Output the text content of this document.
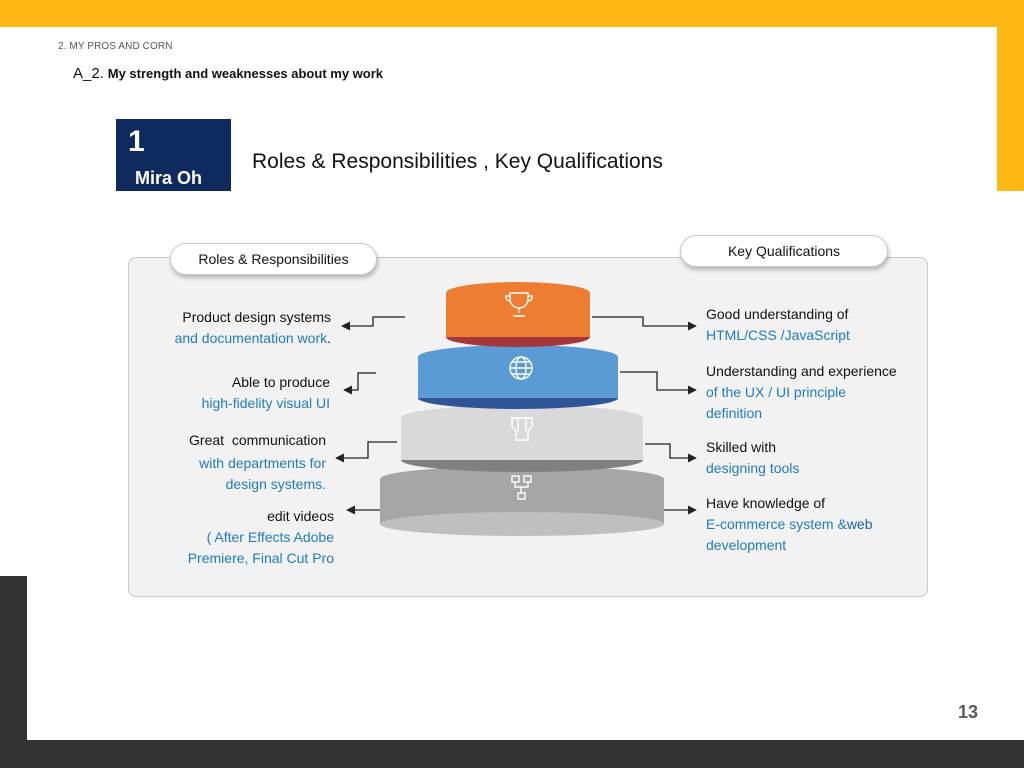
2. MY PROS AND CORN
A_2. My strength and weaknesses about my work
1
Mira Oh
Roles & Responsibilities , Key Qualifications
Roles & Responsibilities	Key Qualifications
Product design systems
and documentation work.
Able to produce
high-fidelity visual UI
Great  communication
with departments for
design systems.
edit videos
( After Effects Adobe
Premiere, Final Cut Pro
Good understanding of
HTML/CSS /JavaScript
Understanding and experience
of the UX / UI principle
definition
Skilled with
designing tools
Have knowledge of
E-commerce system &web
development
13
